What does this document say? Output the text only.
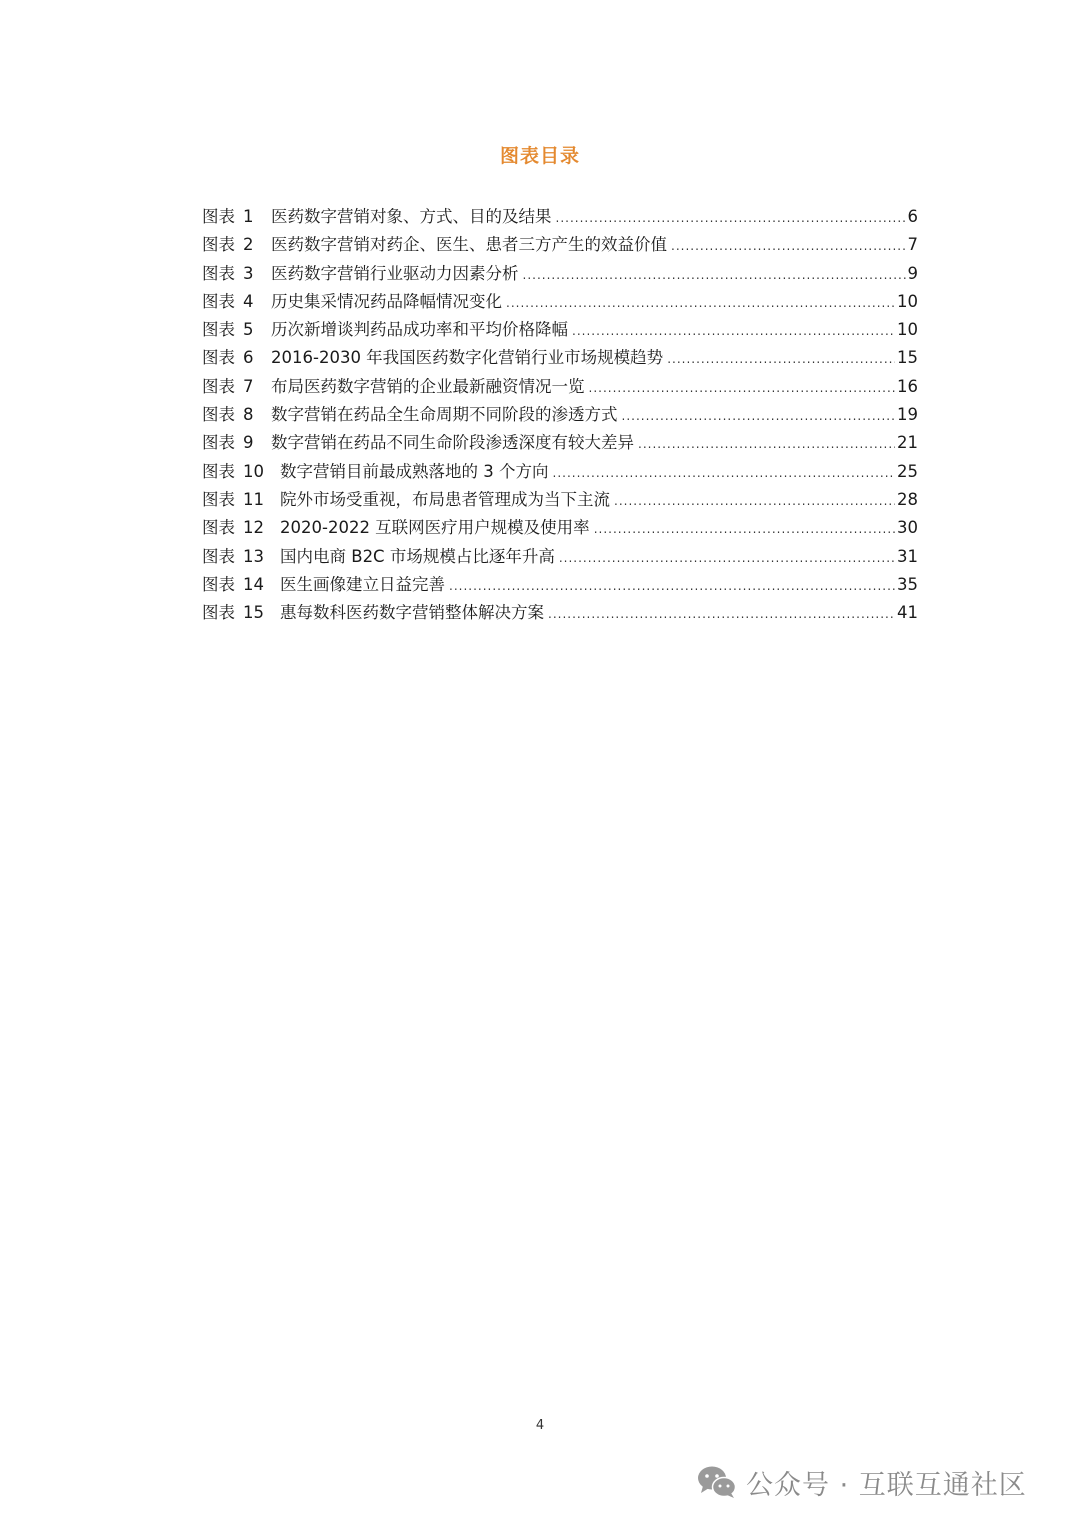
图表目录
图表 1	医药数字营销对象、方式、目的及结果 .....	6
图表 2	医药数字营销对药企、医生、患者三方产生的效益价值 .....	7
图表 3	医药数字营销行业驱动力因素分析 .....	9
图表 4	历史集采情况药品降幅情况变化 .....	10
图表 5	历次新增谈判药品成功率和平均价格降幅 .....	10
图表 6	2016-2030 年我国医药数字化营销行业市场规模趋势 .....	15
图表 7	布局医药数字营销的企业最新融资情况一览 .....	16
图表 8	数字营销在药品全生命周期不同阶段的渗透方式 .....	19
图表 9	数字营销在药品不同生命阶段渗透深度有较大差异 .....	21
图表 10 数字营销目前最成熟落地的 3 个方向 .....	25
图表 11 院外市场受重视，布局患者管理成为当下主流 .....	28
图表 12 2020-2022 互联网医疗用户规模及使用率 .....	30
图表 13 国内电商 B2C 市场规模占比逐年升高 .....	31
图表 14 医生画像建立日益完善 .....	35
图表 15 惠每数科医药数字营销整体解决方案 .....	41
4
公众号 · 互联互通社区
